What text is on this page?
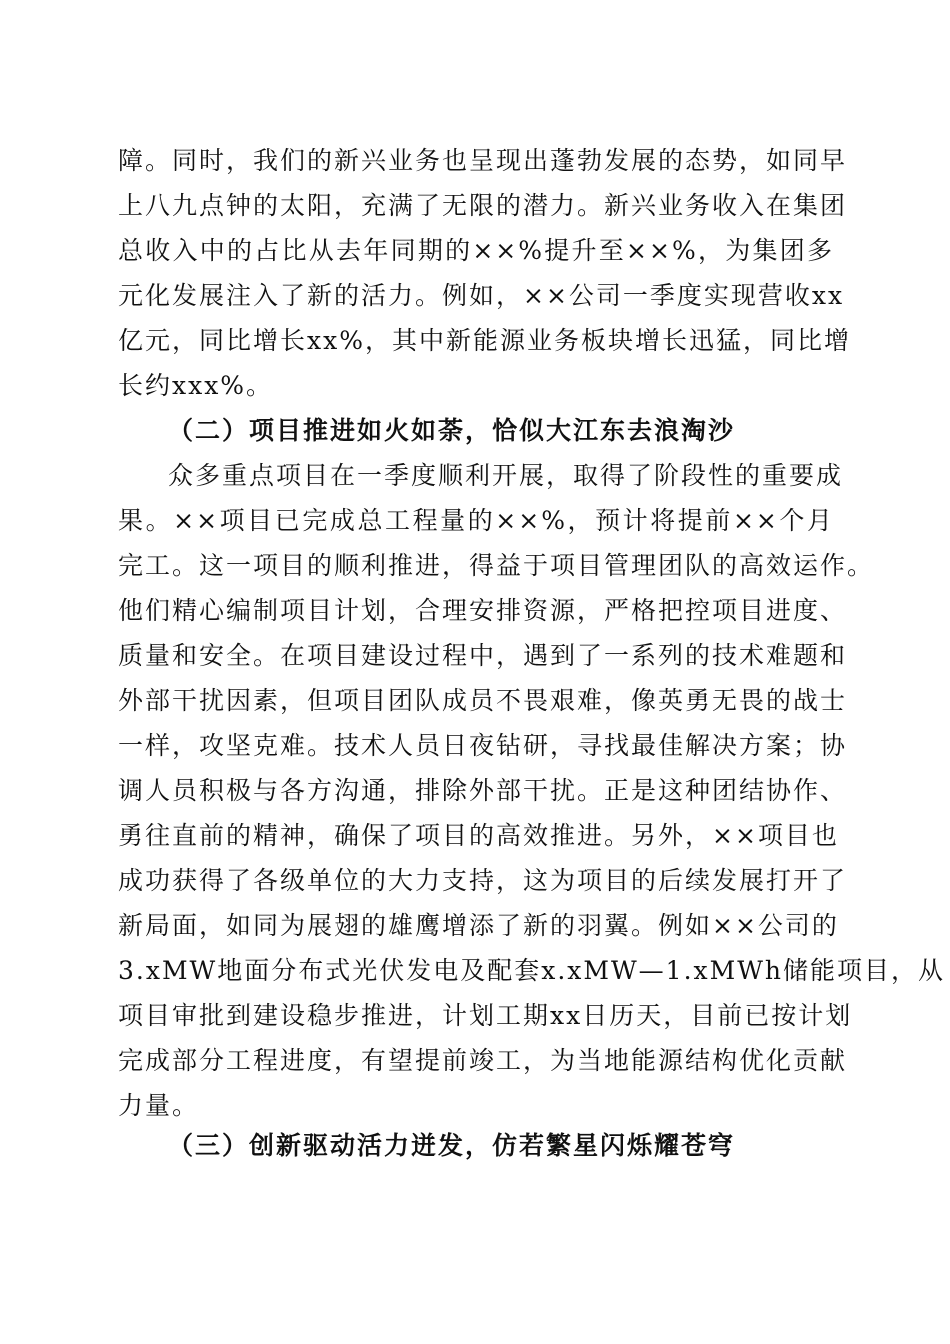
障。同时，我们的新兴业务也呈现出蓬勃发展的态势，如同早
上八九点钟的太阳，充满了无限的潜力。新兴业务收入在集团
总收入中的占比从去年同期的××%提升至××%，为集团多
元化发展注入了新的活力。例如，××公司一季度实现营收xx
亿元，同比增长xx%，其中新能源业务板块增长迅猛，同比增
长约xxx%。
（二）项目推进如火如荼，恰似大江东去浪淘沙
众多重点项目在一季度顺利开展，取得了阶段性的重要成
果。××项目已完成总工程量的××%，预计将提前××个月
完工。这一项目的顺利推进，得益于项目管理团队的高效运作。
他们精心编制项目计划，合理安排资源，严格把控项目进度、
质量和安全。在项目建设过程中，遇到了一系列的技术难题和
外部干扰因素，但项目团队成员不畏艰难，像英勇无畏的战士
一样，攻坚克难。技术人员日夜钻研，寻找最佳解决方案；协
调人员积极与各方沟通，排除外部干扰。正是这种团结协作、
勇往直前的精神，确保了项目的高效推进。另外，××项目也
成功获得了各级单位的大力支持，这为项目的后续发展打开了
新局面，如同为展翅的雄鹰增添了新的羽翼。例如××公司的
3.xMW地面分布式光伏发电及配套x.xMW—1.xMWh储能项目，从
项目审批到建设稳步推进，计划工期xx日历天，目前已按计划
完成部分工程进度，有望提前竣工，为当地能源结构优化贡献
力量。
（三）创新驱动活力迸发，仿若繁星闪烁耀苍穹
